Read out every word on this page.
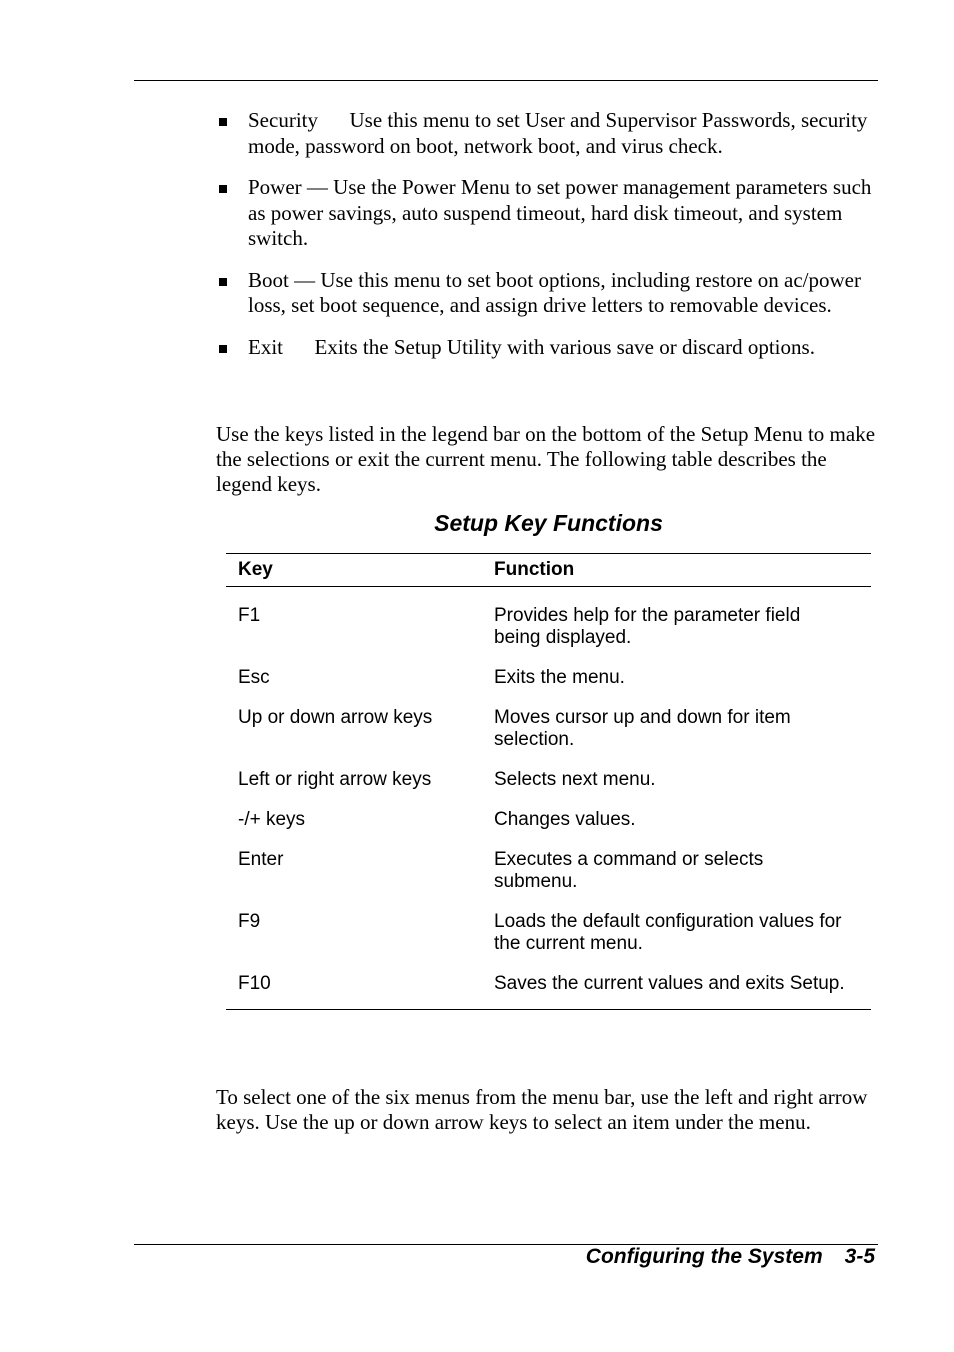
Security      Use this menu to set User and Supervisor Passwords, security mode, password on boot, network boot, and virus check.
Power — Use the Power Menu to set power management parameters such as power savings, auto suspend timeout, hard disk timeout, and system switch.
Boot — Use this menu to set boot options, including restore on ac/power loss, set boot sequence, and assign drive letters to removable devices.
Exit      Exits the Setup Utility with various save or discard options.

Use the keys listed in the legend bar on the bottom of the Setup Menu to make the selections or exit the current menu. The following table describes the legend keys.

Setup Key Functions
Key	Function
F1	Provides help for the parameter field being displayed.
Esc	Exits the menu.
Up or down arrow keys	Moves cursor up and down for item selection.
Left or right arrow keys	Selects next menu.
-/+ keys	Changes values.
Enter	Executes a command or selects submenu.
F9	Loads the default configuration values for the current menu.
F10	Saves the current values and exits Setup.

To select one of the six menus from the menu bar, use the left and right arrow keys. Use the up or down arrow keys to select an item under the menu.

Configuring the System 3-5
